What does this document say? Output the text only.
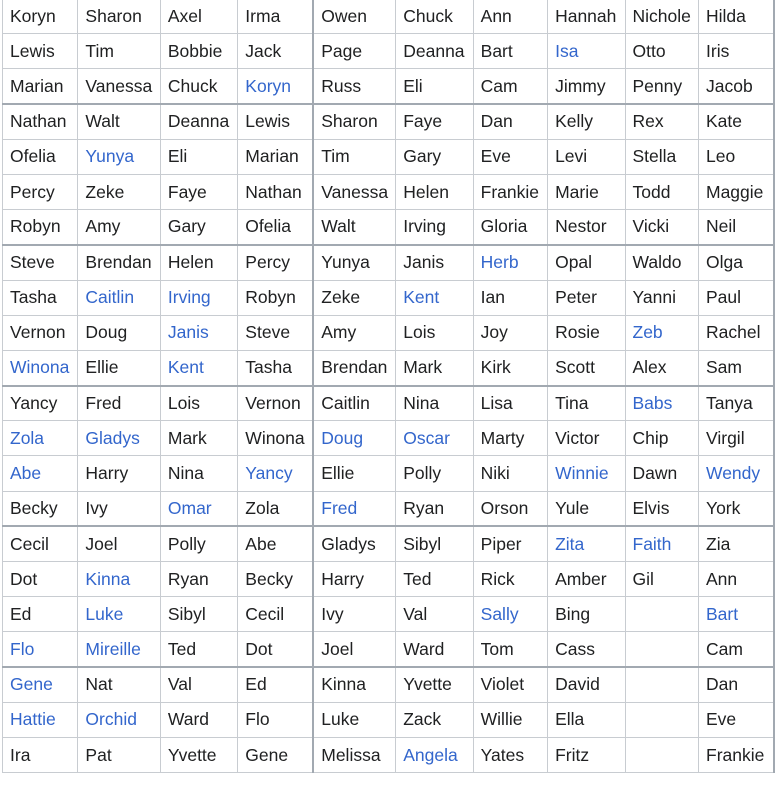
Koryn	Sharon	Axel	Irma	Owen	Chuck	Ann	Hannah	Nichole	Hilda
Lewis	Tim	Bobbie	Jack	Page	Deanna	Bart	Isa	Otto	Iris
Marian	Vanessa	Chuck	Koryn	Russ	Eli	Cam	Jimmy	Penny	Jacob
Nathan	Walt	Deanna	Lewis	Sharon	Faye	Dan	Kelly	Rex	Kate
Ofelia	Yunya	Eli	Marian	Tim	Gary	Eve	Levi	Stella	Leo
Percy	Zeke	Faye	Nathan	Vanessa	Helen	Frankie	Marie	Todd	Maggie
Robyn	Amy	Gary	Ofelia	Walt	Irving	Gloria	Nestor	Vicki	Neil
Steve	Brendan	Helen	Percy	Yunya	Janis	Herb	Opal	Waldo	Olga
Tasha	Caitlin	Irving	Robyn	Zeke	Kent	Ian	Peter	Yanni	Paul
Vernon	Doug	Janis	Steve	Amy	Lois	Joy	Rosie	Zeb	Rachel
Winona	Ellie	Kent	Tasha	Brendan	Mark	Kirk	Scott	Alex	Sam
Yancy	Fred	Lois	Vernon	Caitlin	Nina	Lisa	Tina	Babs	Tanya
Zola	Gladys	Mark	Winona	Doug	Oscar	Marty	Victor	Chip	Virgil
Abe	Harry	Nina	Yancy	Ellie	Polly	Niki	Winnie	Dawn	Wendy
Becky	Ivy	Omar	Zola	Fred	Ryan	Orson	Yule	Elvis	York
Cecil	Joel	Polly	Abe	Gladys	Sibyl	Piper	Zita	Faith	Zia
Dot	Kinna	Ryan	Becky	Harry	Ted	Rick	Amber	Gil	Ann
Ed	Luke	Sibyl	Cecil	Ivy	Val	Sally	Bing		Bart
Flo	Mireille	Ted	Dot	Joel	Ward	Tom	Cass		Cam
Gene	Nat	Val	Ed	Kinna	Yvette	Violet	David		Dan
Hattie	Orchid	Ward	Flo	Luke	Zack	Willie	Ella		Eve
Ira	Pat	Yvette	Gene	Melissa	Angela	Yates	Fritz		Frankie
